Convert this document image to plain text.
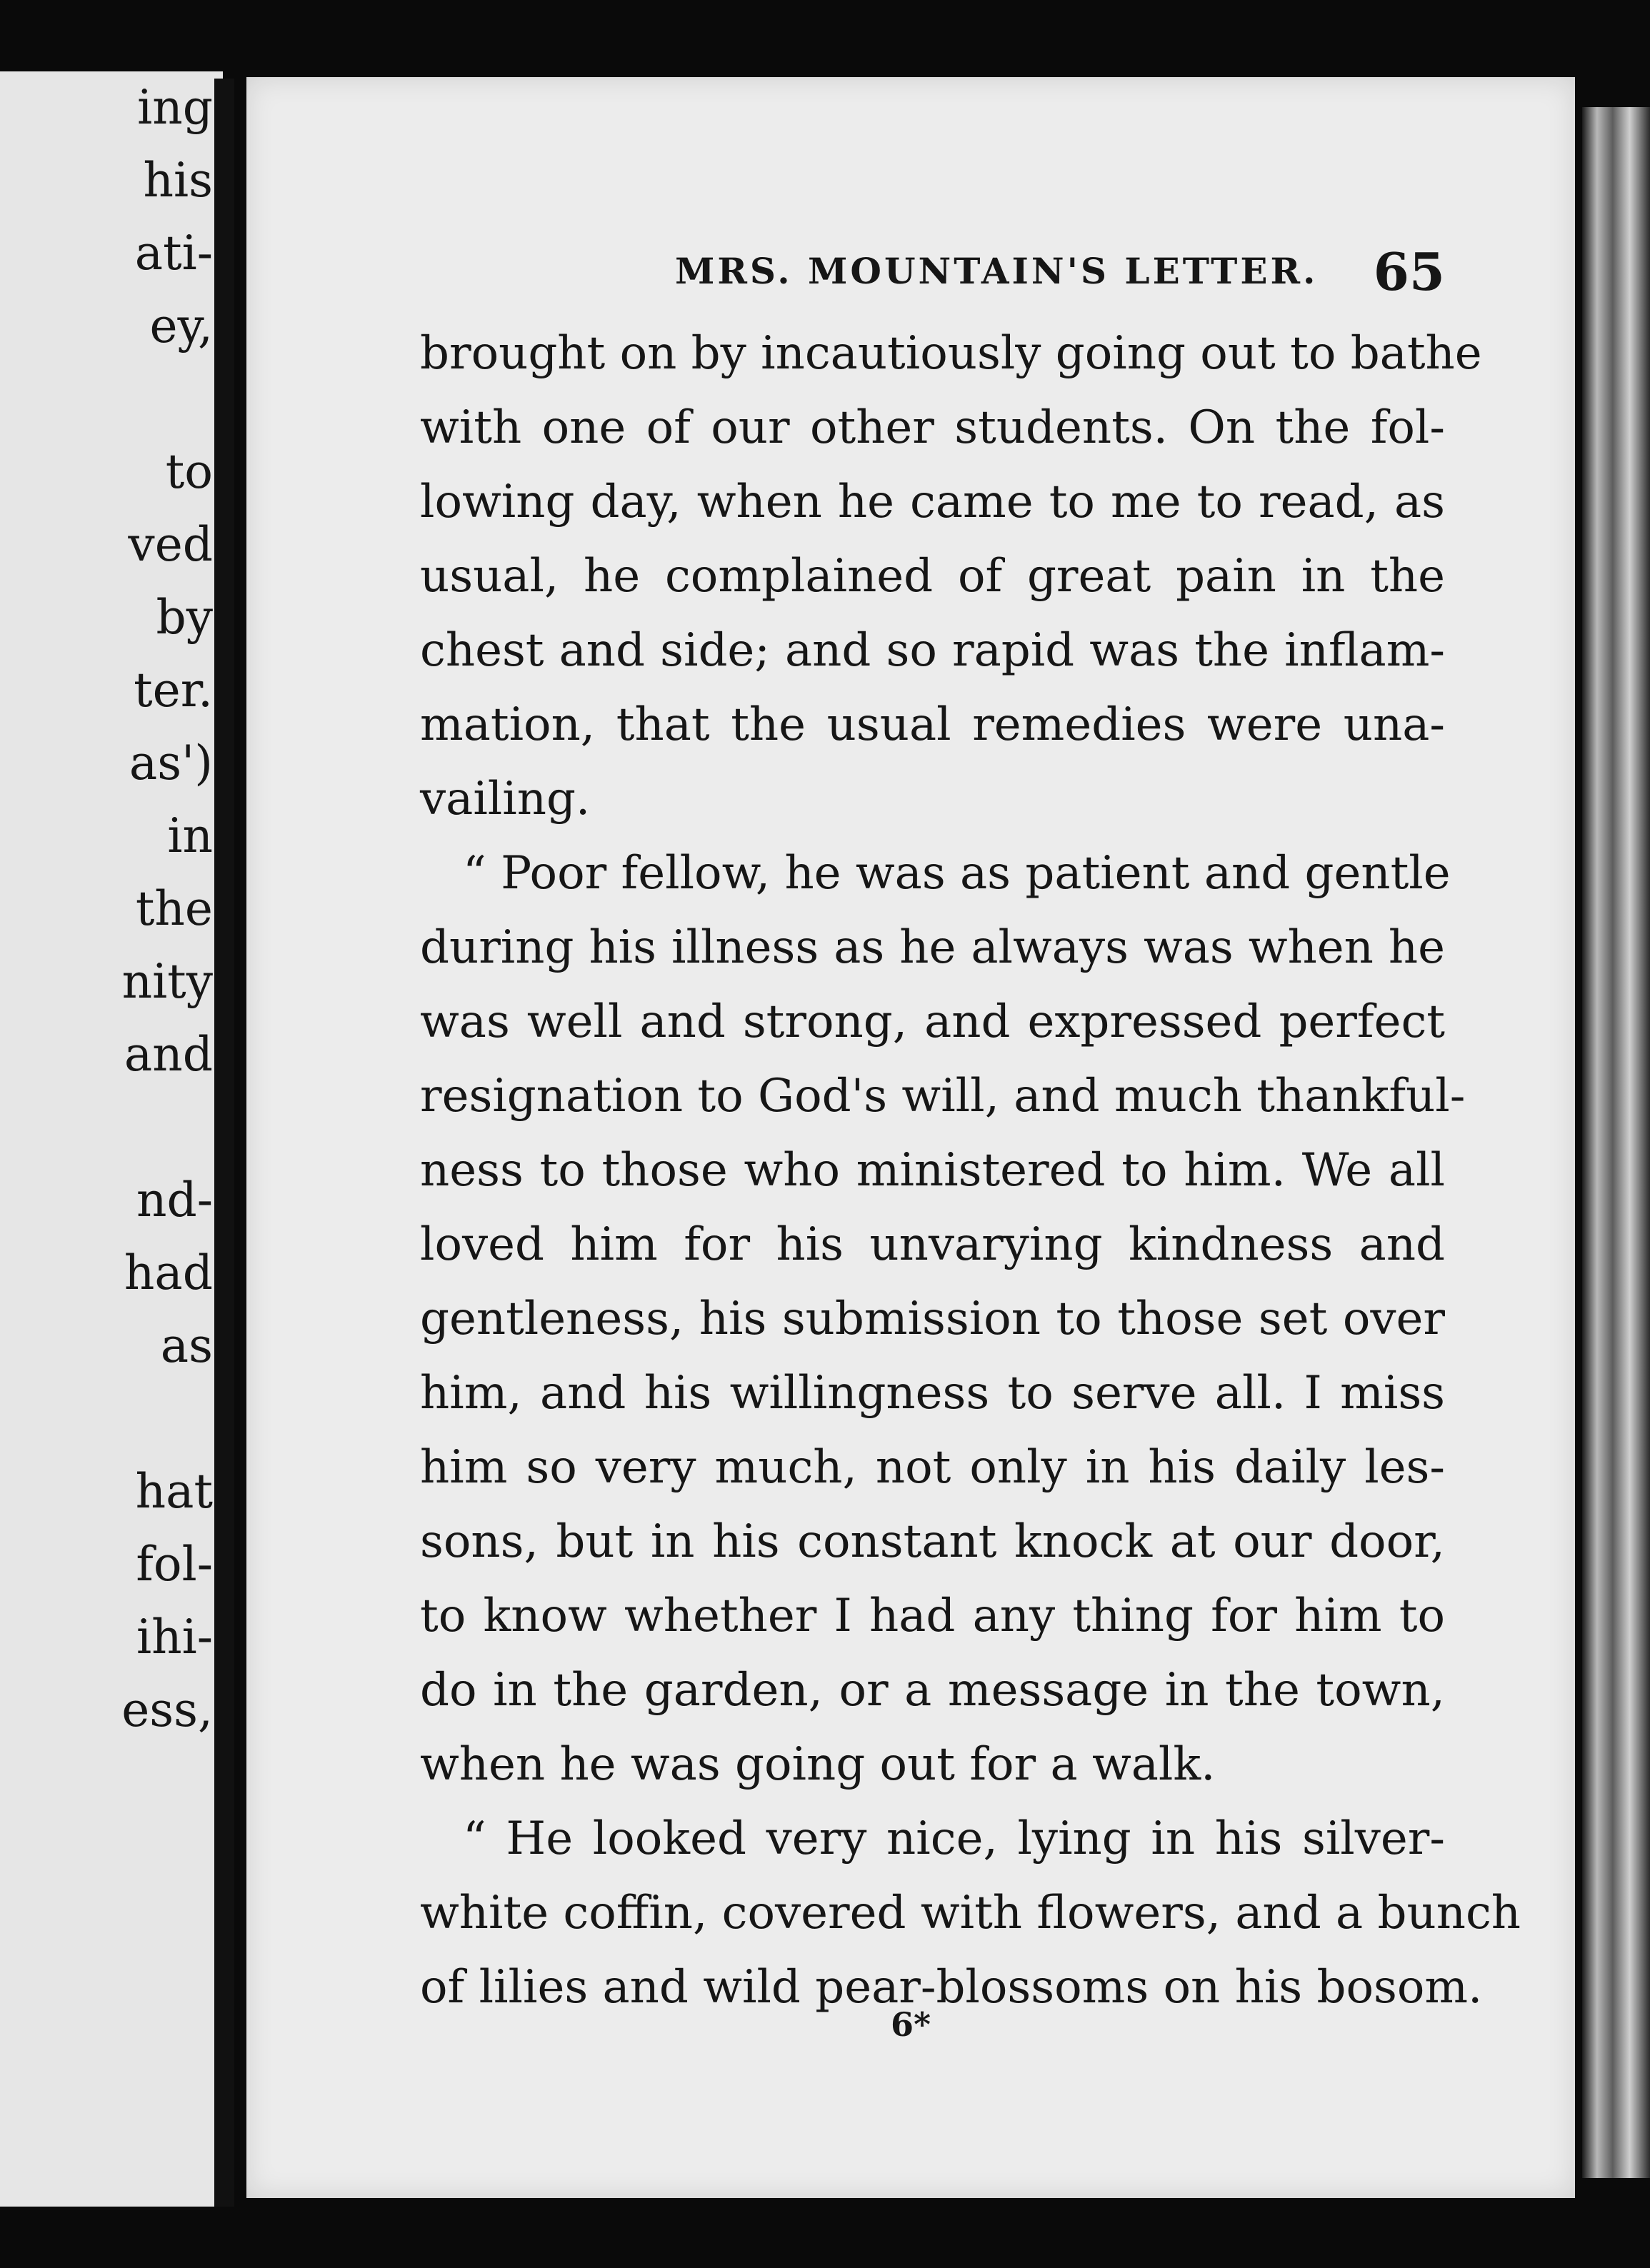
ing
his
ati-
ey,
to
ved
by
ter.
as')
in
the
nity
and
nd-
had
as
hat
fol-
ihi-
ess,
MRS. MOUNTAIN'S LETTER. 65
brought on by incautiously going out to bathe
with one of our other students. On the fol-
lowing day, when he came to me to read, as
usual, he complained of great pain in the
chest and side; and so rapid was the inflam-
mation, that the usual remedies were una-
vailing.
“ Poor fellow, he was as patient and gentle
during his illness as he always was when he
was well and strong, and expressed perfect
resignation to God's will, and much thankful-
ness to those who ministered to him. We all
loved him for his unvarying kindness and
gentleness, his submission to those set over
him, and his willingness to serve all. I miss
him so very much, not only in his daily les-
sons, but in his constant knock at our door,
to know whether I had any thing for him to
do in the garden, or a message in the town,
when he was going out for a walk.
“ He looked very nice, lying in his silver-
white coffin, covered with flowers, and a bunch
of lilies and wild pear-blossoms on his bosom.
6*
